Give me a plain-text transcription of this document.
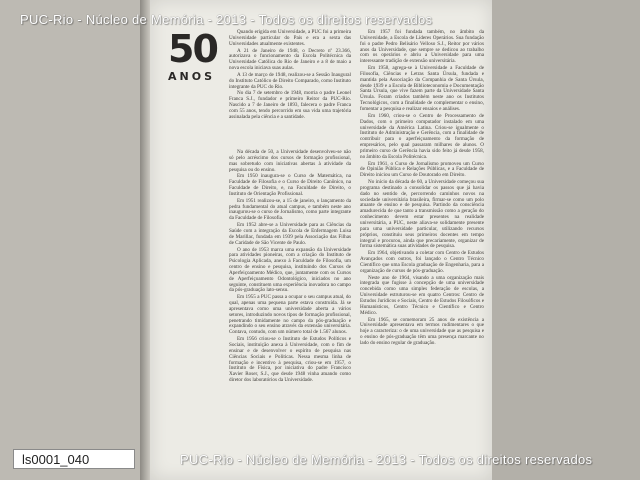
50
ANOS

Quando erigida em Universidade, a PUC foi a primeira Universidade particular do País e era a sexta das Universidades atualmente existentes.

A 21 de Janeiro de 1948, o Decreto nº 23.366, autorizava o funcionamento da Escola Politécnica da Universidade Católica do Rio de Janeiro e a 8 de maio a nova escola iniciava suas aulas.

A 13 de março de 1948, realizou-se a Sessão Inaugural do Instituto Católico de Direito Comparado, como Instituto integrante da PUC do Rio.

No dia 7 de setembro de 1948, morria o padre Leonel Franca S.J., fundador e primeiro Reitor da PUC-Rio. Nascido a 7 de Janeiro de 1893, falecera o padre Franca com 55 anos, tendo percorrido em sua vida uma trajetória assinalada pela ciência e a santidade.

Na década de 50, a Universidade desenvolveu-se não só pelo acréscimo dos cursos de formação profissional, mas sobretudo com iniciativas abertas à atividade da pesquisa ou do ensino.

Em 1950 inaugura-se o Curso de Matemática, na Faculdade de Filosofia e o Curso de Direito Canônico, na Faculdade de Direito, e, na Faculdade de Direito, o Instituto de Orientação Profissional.

Em 1951 realizou-se, a 15 de janeiro, o lançamento da pedra fundamental do atual campus, e também neste ano inaugurou-se o curso de Jornalismo, como parte integrante da Faculdade de Filosofia.

Em 1952 abre-se a Universidade para as Ciências da Saúde com a integração da Escola de Enfermagem Luisa de Marillac, fundada em 1939 pela Associação das Filhas de Caridade de São Vicente de Paulo.

O ano de 1953 marca uma expansão da Universidade para atividades pioneiras, com a criação do Instituto de Psicologia Aplicada, anexo à Faculdade de Filosofia, um centro de ensino e pesquisa, instituindo dos Cursos de Aperfeiçoamento Médico, que, juntamente com os Cursos de Aperfeiçoamento Odontológico, iniciados no ano seguinte, constituem uma experiência inovadora no campo da pós-graduação lato-sensu.

Em 1955 a PUC passa a ocupar o seu campus atual, do qual, apenas uma pequena parte estava construída. Já se apresentava como uma universidade aberta a vários setores, introduzindo novos tipos de formação profissional, penetrando timidamente no campo da pós-graduação e expandindo o seu ensino através da extensão universitária. Contava, contudo, com um número total de 1.567 alunos.

Em 1956 criou-se o Instituto de Estudos Políticos e Sociais, instituição anexa à Universidade, com o fim de ensinar e de desenvolver o espírito de pesquisa nas Ciências Sociais e Políticas. Nessa mesma linha de formação e incentivo à pesquisa, criou-se em 1957, o Instituto de Física, por iniciativa do padre Francisco Xavier Roser, S.J., que desde 1948 vinha atuando como diretor dos laboratórios da Universidade.

Em 1957 foi fundada também, no âmbito da Universidade, a Escola de Líderes Operários. Sua fundação foi o padre Pedro Belisário Velloso S.J., Reitor por vários anos da Universidade, que sempre se dedicou ao trabalho com os operários e abriu a Universidade para uma interessante tradição de extensão universitária.

Em 1958, agrega-se à Universidade a Faculdade de Filosofia, Ciências e Letras Santa Úrsula, fundada e mantida pela Associação da Companhia de Santa Úrsula, desde 1939 e a Escola de Biblioteconomia e Documentação Santa Úrsula, que vive fazem parte da Universidade Santa Úrsula. Foram criados também neste ano os Institutos Tecnológicos, com a finalidade de complementar o ensino, fomentar a pesquisa e realizar ensaios e análises.

Em 1960, criou-se o Centro de Processamento de Dados, com o primeiro computador instalado em uma universidade da América Latina. Criou-se igualmente o Instituto de Administração e Gerência, com a finalidade de contribuir para o aperfeiçoamento da formação de empresários, pelo qual passaram milhares de alunos. O primeiro curso de Gerência havia sido feito já desde 1958, no âmbito da Escola Politécnica.

Em 1961, o Curso de Jornalismo promoveu um Curso de Opinião Pública e Relações Públicas, e a Faculdade de Direito iniciou um Curso de Doutorado em Direito.

No início da década de 60, a Universidade começou sua programa destinado a consolidar os passos que já havia dado no sentido de, percorrendo caminhos novos na sociedade universitária brasileira, firmar-se como um polo atuante de ensino e de pesquisa. Partindo da consciência amadurecida de que tanto a transmissão como a geração do conhecimento devem estar presentes na realidade universitária, a PUC, neste aliava-se solidamente presente para uma universidade particular, utilizando recursos próprios, constituiu seus primeiros docentes em tempo integral e procurou, ainda que precariamente, organizar de forma sistemática suas atividades de pesquisa.

Em 1964, objetivando a coletar com Centro de Estudos Avançados com outros, foi lançado o Centro Técnico Científico que uma Escola graduação de Engenharia, para a organização de cursos de pós-graduação.

Neste ano de 1964, visando a uma organização mais integrada que fugisse à concepção de uma universidade concebida como uma simples federação de escolas, a Universidade estruturou-se em quatro Centros: Centro de Estudos Jurídicos e Sociais, Centro de Estudos Filosóficos e Humanísticos, Centro Técnico e Científico e Centro Médico.

Em 1965, se comemoram 25 anos de existência a Universidade apresentava em termos rudimentares o que hoje a caracteriza: o de uma universidade que as pesquisa e o ensino de pós-graduação têm uma presença marcante no lado do ensino regular de graduação.

PUC-Rio - Núcleo de Memória - 2013 - Todos os direitos reservados
PUC-Rio - Núcleo de Memória - 2013 - Todos os direitos reservados
ls0001_040
